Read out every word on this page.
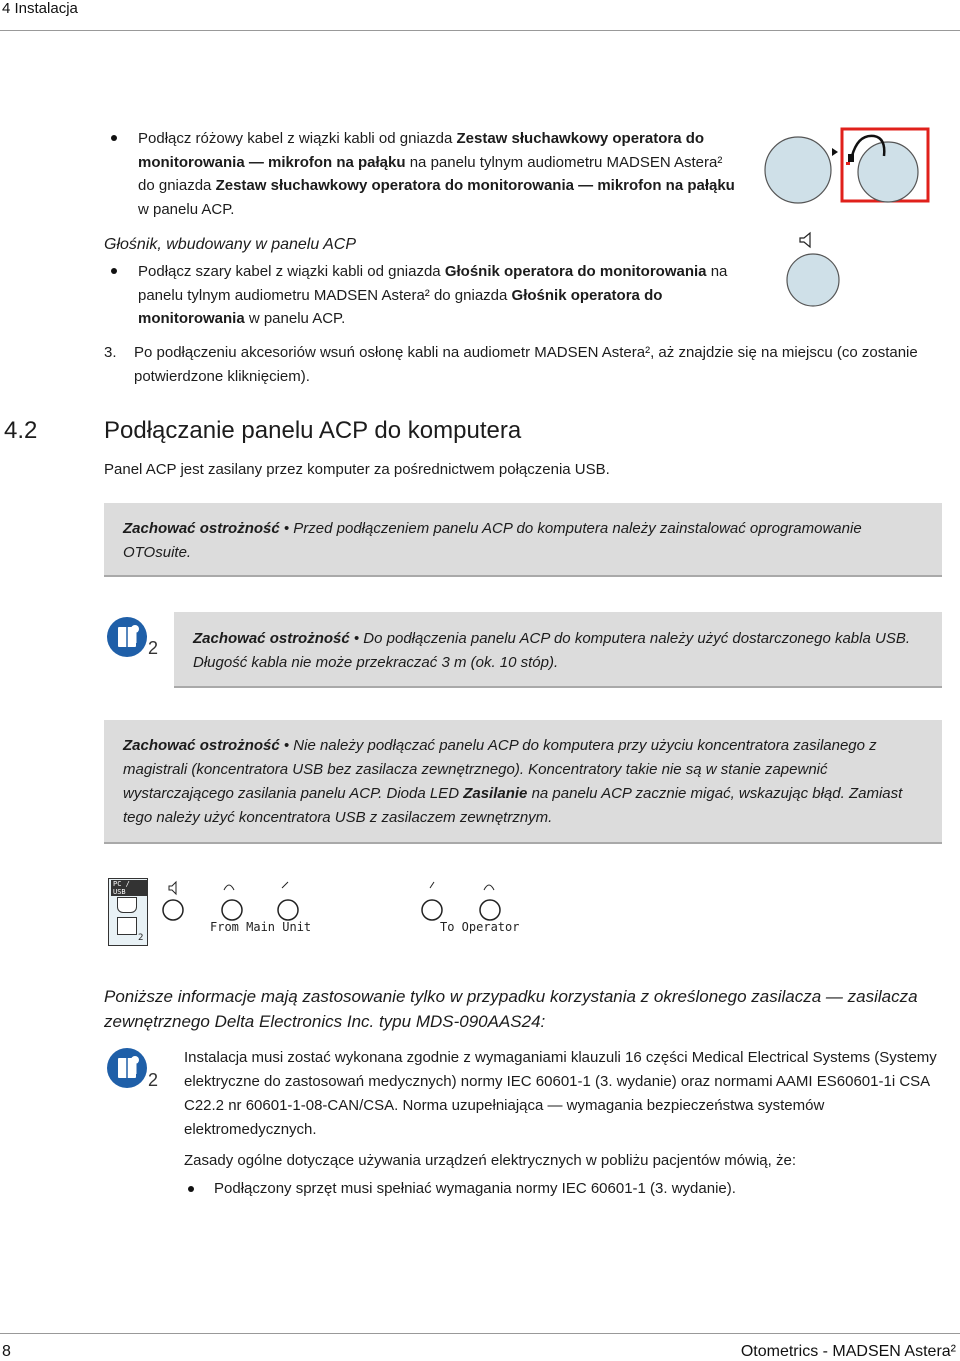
4 Instalacja
Podłącz różowy kabel z wiązki kabli od gniazda Zestaw słuchawkowy operatora do
monitorowania — mikrofon na pałąku na panelu tylnym audiometru MADSEN Astera²
do gniazda Zestaw słuchawkowy operatora do monitorowania — mikrofon na pałąku
w panelu ACP.
Głośnik, wbudowany w panelu ACP
Podłącz szary kabel z wiązki kabli od gniazda Głośnik operatora do monitorowania na
panelu tylnym audiometru MADSEN Astera² do gniazda Głośnik operatora do
monitorowania w panelu ACP.
3. Po podłączeniu akcesoriów wsuń osłonę kabli na audiometr MADSEN Astera², aż znajdzie się na miejscu (co zostanie
potwierdzone kliknięciem).
4.2	Podłączanie panelu ACP do komputera
Panel ACP jest zasilany przez komputer za pośrednictwem połączenia USB.
Zachować ostrożność • Przed podłączeniem panelu ACP do komputera należy zainstalować oprogramowanie
OTOsuite.
2 Zachować ostrożność • Do podłączenia panelu ACP do komputera należy użyć dostarczonego kabla USB.
Długość kabla nie może przekraczać 3 m (ok. 10 stóp).
Zachować ostrożność • Nie należy podłączać panelu ACP do komputera przy użyciu koncentratora zasilanego z
magistrali (koncentratora USB bez zasilacza zewnętrznego). Koncentratory takie nie są w stanie zapewnić
wystarczającego zasilania panelu ACP. Dioda LED Zasilanie na panelu ACP zacznie migać, wskazując błąd. Zamiast
tego należy użyć koncentratora USB z zasilaczem zewnętrznym.
PC / USB
2
From Main Unit	To Operator
Poniższe informacje mają zastosowanie tylko w przypadku korzystania z określonego zasilacza — zasilacza
zewnętrznego Delta Electronics Inc. typu MDS-090AAS24:
2
Instalacja musi zostać wykonana zgodnie z wymaganiami klauzuli 16 części Medical Electrical Systems (Systemy
elektryczne do zastosowań medycznych) normy IEC 60601-1 (3. wydanie) oraz normami AAMI ES60601-1i CSA
C22.2 nr 60601-1-08-CAN/CSA. Norma uzupełniająca — wymagania bezpieczeństwa systemów
elektromedycznych.
Zasady ogólne dotyczące używania urządzeń elektrycznych w pobliżu pacjentów mówią, że:
Podłączony sprzęt musi spełniać wymagania normy IEC 60601-1 (3. wydanie).
8	Otometrics - MADSEN Astera²
